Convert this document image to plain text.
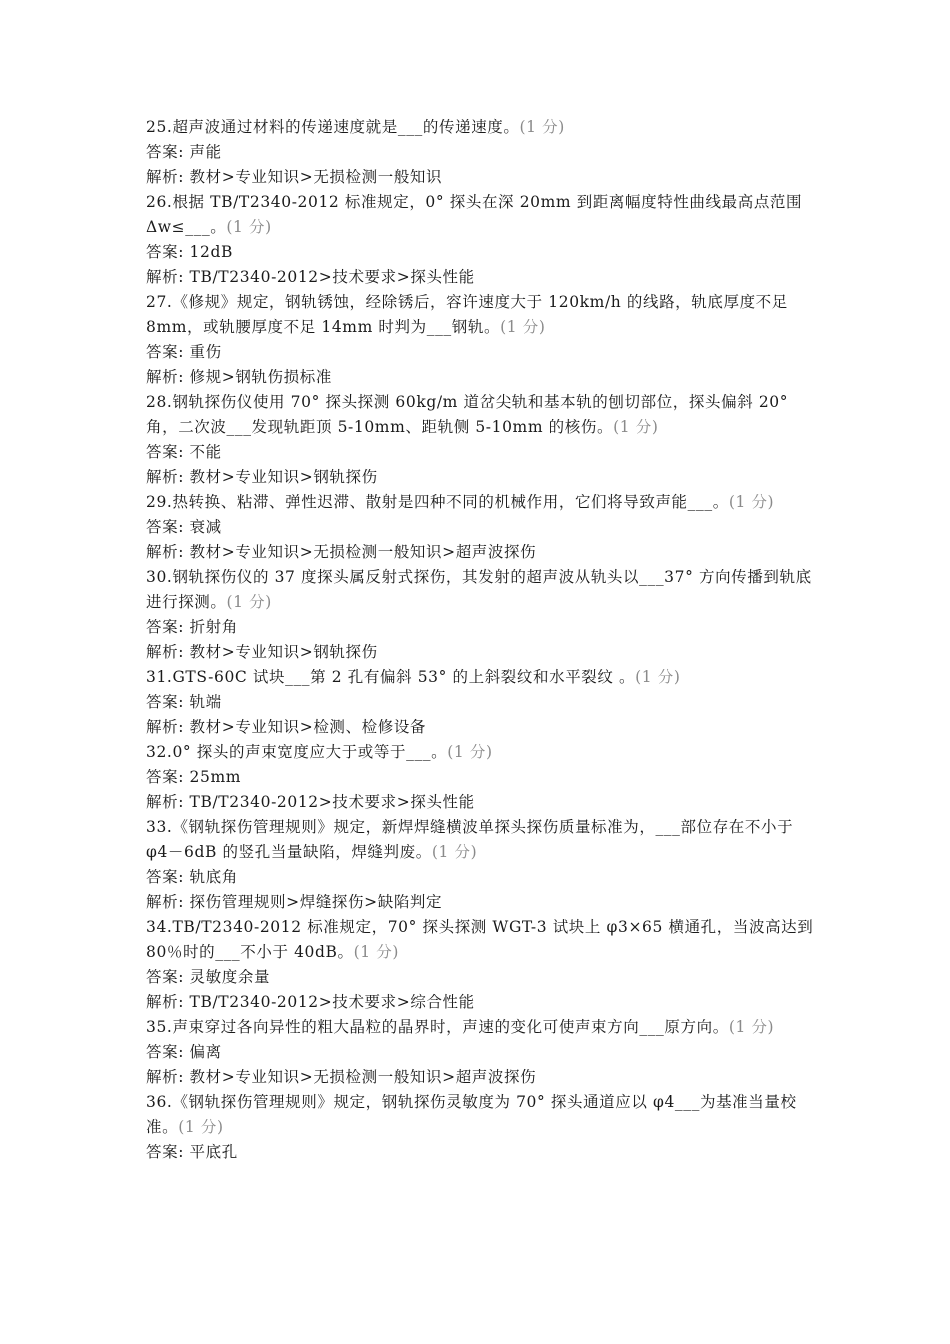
25.超声波通过材料的传递速度就是___的传递速度。(1 分)

答案: 声能

解析: 教材>专业知识>无损检测一般知识

26.根据 TB/T2340-2012 标准规定，0° 探头在深 20mm 到距离幅度特性曲线最高点范围Δw≤___。(1 分)

答案: 12dB

解析: TB/T2340-2012>技术要求>探头性能

27.《修规》规定，钢轨锈蚀，经除锈后，容许速度大于 120km/h 的线路，轨底厚度不足 8mm，或轨腰厚度不足 14mm 时判为___钢轨。(1 分)

答案: 重伤

解析: 修规>钢轨伤损标准

28.钢轨探伤仪使用 70° 探头探测 60kg/m 道岔尖轨和基本轨的刨切部位，探头偏斜 20° 角，二次波___发现轨距顶 5-10mm、距轨侧 5-10mm 的核伤。(1 分)

答案: 不能

解析: 教材>专业知识>钢轨探伤

29.热转换、粘滞、弹性迟滞、散射是四种不同的机械作用，它们将导致声能___。(1 分)

答案: 衰减

解析: 教材>专业知识>无损检测一般知识>超声波探伤

30.钢轨探伤仪的 37 度探头属反射式探伤，其发射的超声波从轨头以___37° 方向传播到轨底进行探测。(1 分)

答案: 折射角

解析: 教材>专业知识>钢轨探伤

31.GTS-60C 试块___第 2 孔有偏斜 53° 的上斜裂纹和水平裂纹 。(1 分)

答案: 轨端

解析: 教材>专业知识>检测、检修设备

32.0° 探头的声束宽度应大于或等于___。(1 分)

答案: 25mm

解析: TB/T2340-2012>技术要求>探头性能

33.《钢轨探伤管理规则》规定，新焊焊缝横波单探头探伤质量标准为，___部位存在不小于 φ4－6dB 的竖孔当量缺陷，焊缝判废。(1 分)

答案: 轨底角

解析: 探伤管理规则>焊缝探伤>缺陷判定

34.TB/T2340-2012 标准规定，70° 探头探测 WGT-3 试块上 φ3×65 横通孔，当波高达到 80％时的___不小于 40dB。(1 分)

答案: 灵敏度余量

解析: TB/T2340-2012>技术要求>综合性能

35.声束穿过各向异性的粗大晶粒的晶界时，声速的变化可使声束方向___原方向。(1 分)

答案: 偏离

解析: 教材>专业知识>无损检测一般知识>超声波探伤

36.《钢轨探伤管理规则》规定，钢轨探伤灵敏度为 70° 探头通道应以 φ4___为基准当量校准。(1 分)

答案: 平底孔
